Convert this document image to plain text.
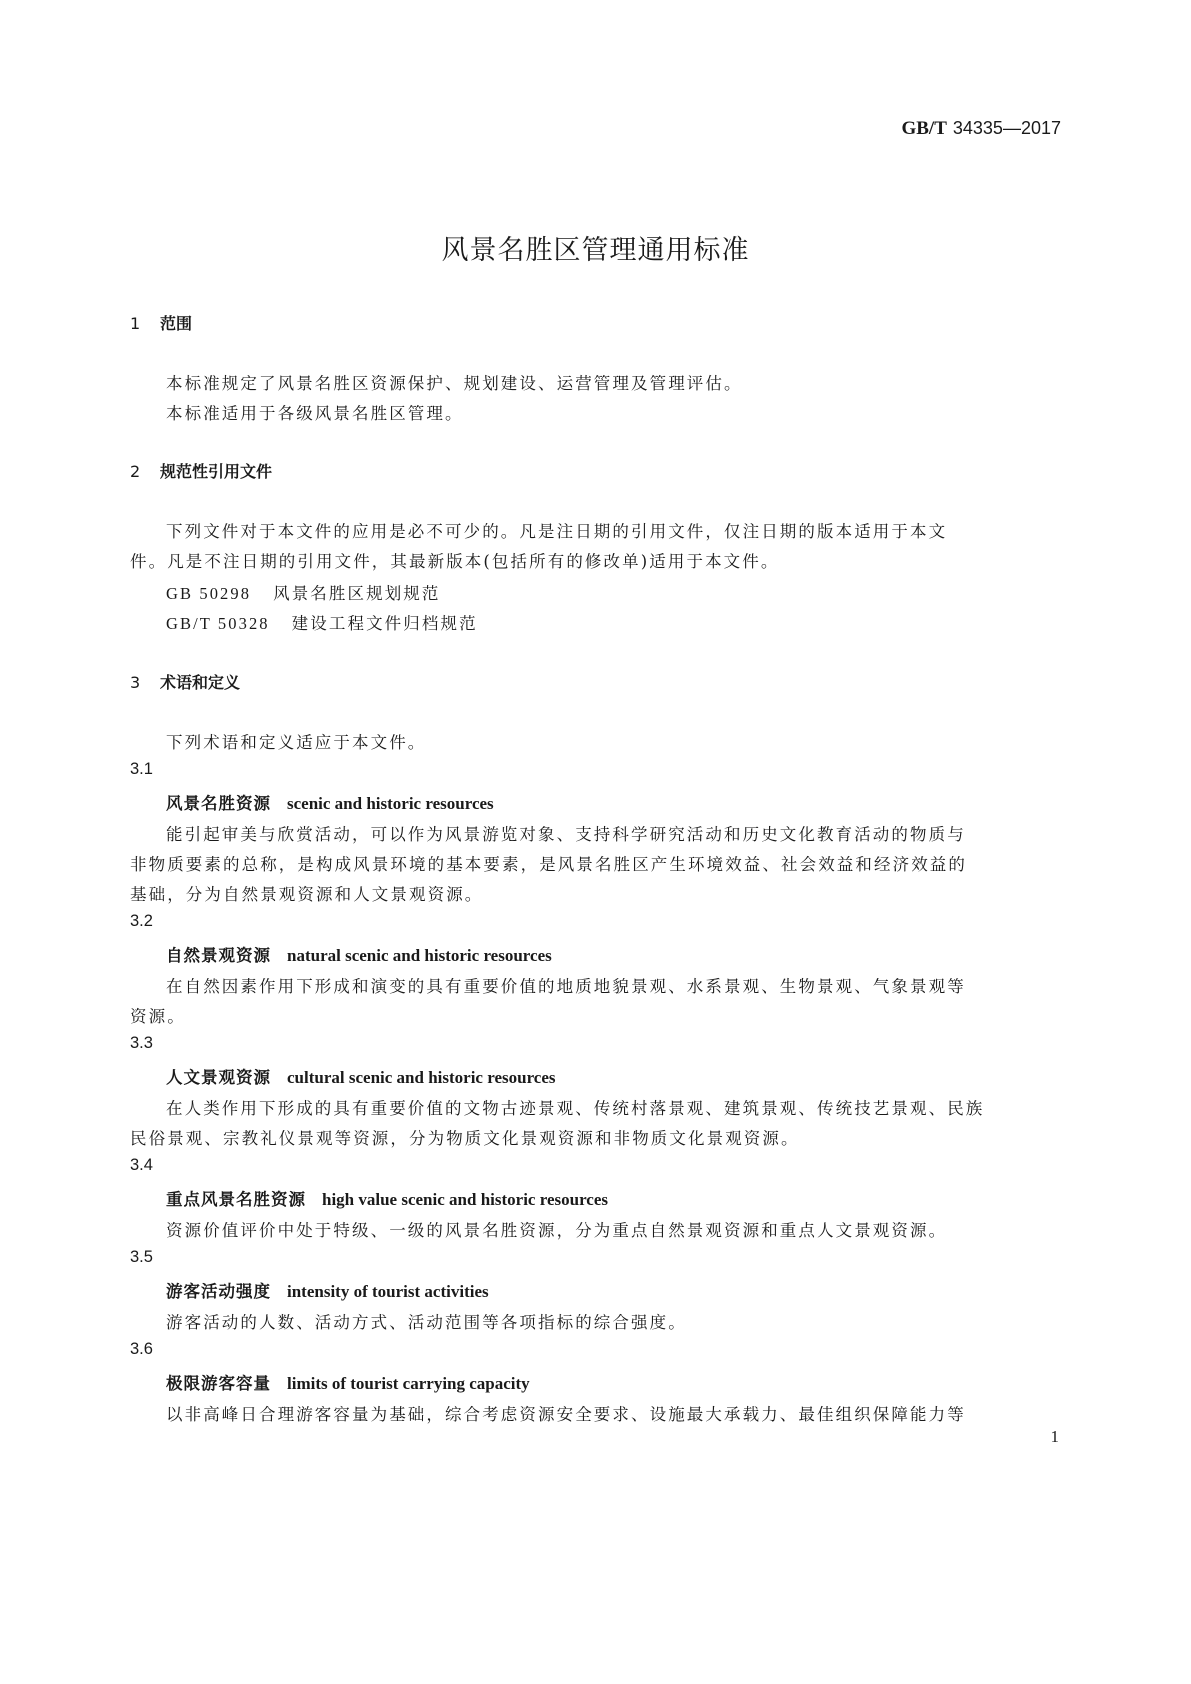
GB/T 34335—2017
风景名胜区管理通用标准
1 范围
本标准规定了风景名胜区资源保护、规划建设、运营管理及管理评估。
本标准适用于各级风景名胜区管理。
2 规范性引用文件
下列文件对于本文件的应用是必不可少的。凡是注日期的引用文件，仅注日期的版本适用于本文
件。凡是不注日期的引用文件，其最新版本(包括所有的修改单)适用于本文件。
GB 50298 风景名胜区规划规范
GB/T 50328 建设工程文件归档规范
3 术语和定义
下列术语和定义适应于本文件。
3.1
风景名胜资源 scenic and historic resources
能引起审美与欣赏活动，可以作为风景游览对象、支持科学研究活动和历史文化教育活动的物质与
非物质要素的总称，是构成风景环境的基本要素，是风景名胜区产生环境效益、社会效益和经济效益的
基础，分为自然景观资源和人文景观资源。
3.2
自然景观资源 natural scenic and historic resources
在自然因素作用下形成和演变的具有重要价值的地质地貌景观、水系景观、生物景观、气象景观等
资源。
3.3
人文景观资源 cultural scenic and historic resources
在人类作用下形成的具有重要价值的文物古迹景观、传统村落景观、建筑景观、传统技艺景观、民族
民俗景观、宗教礼仪景观等资源，分为物质文化景观资源和非物质文化景观资源。
3.4
重点风景名胜资源 high value scenic and historic resources
资源价值评价中处于特级、一级的风景名胜资源，分为重点自然景观资源和重点人文景观资源。
3.5
游客活动强度 intensity of tourist activities
游客活动的人数、活动方式、活动范围等各项指标的综合强度。
3.6
极限游客容量 limits of tourist carrying capacity
以非高峰日合理游客容量为基础，综合考虑资源安全要求、设施最大承载力、最佳组织保障能力等
1
